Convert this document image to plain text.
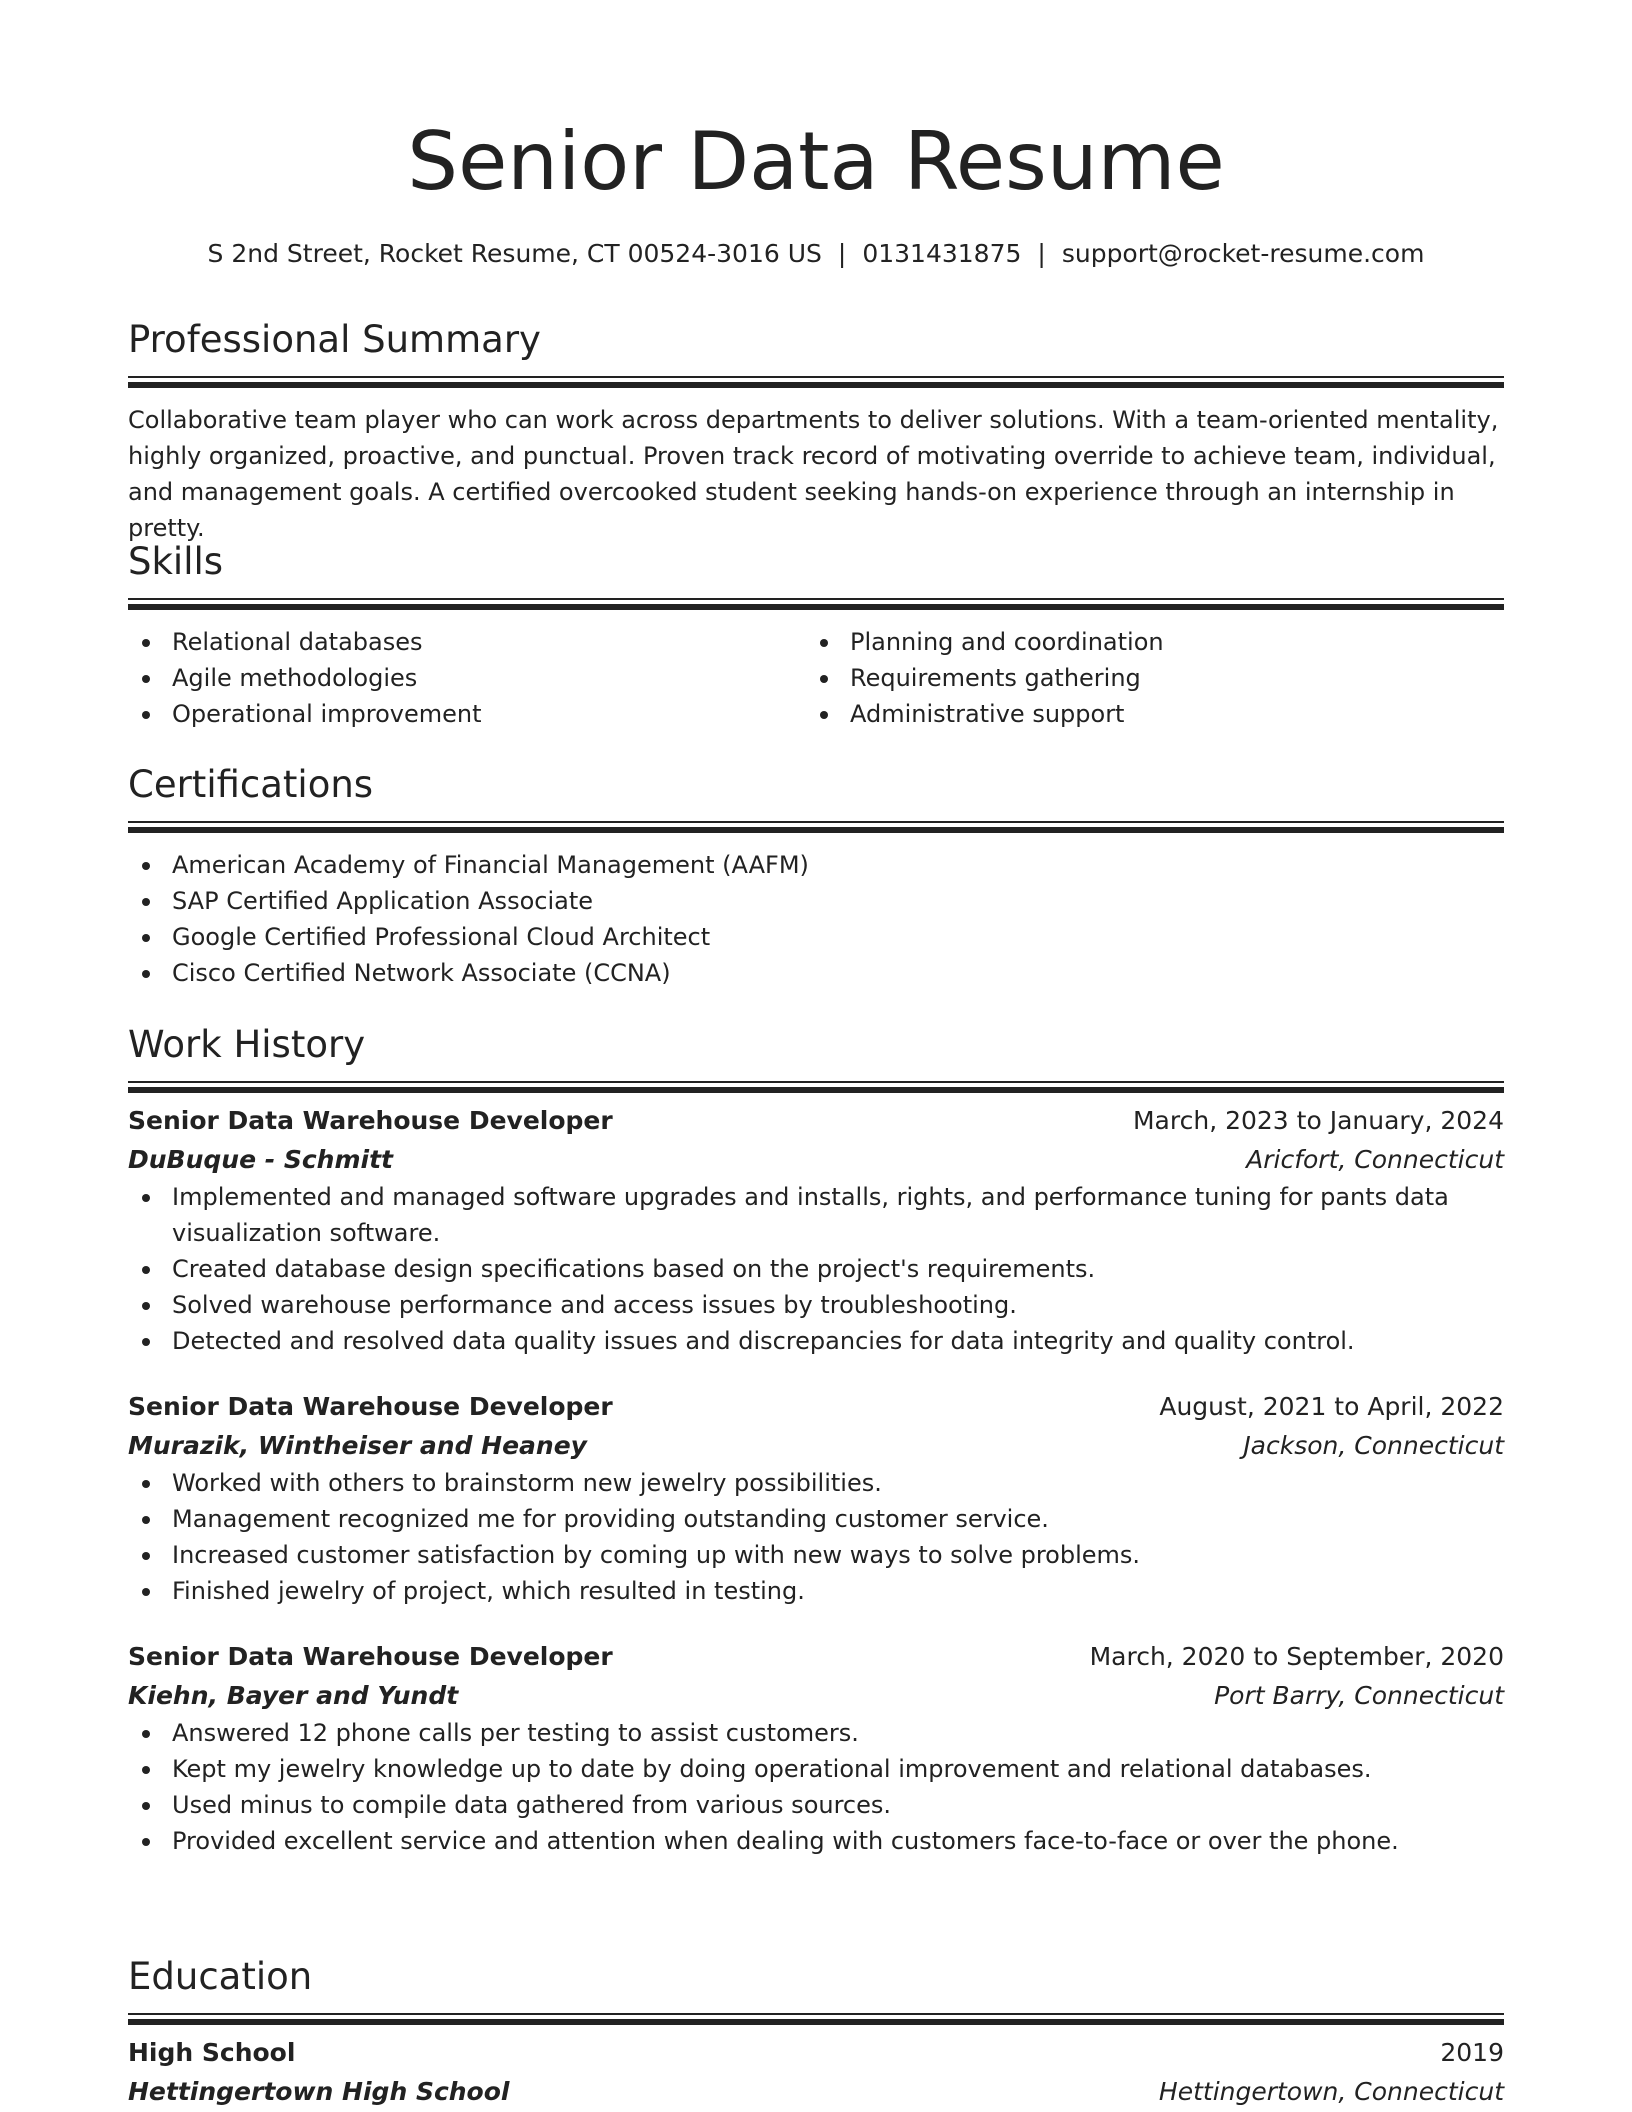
Senior Data Resume
S 2nd Street, Rocket Resume, CT 00524-3016 US | 0131431875 | support@rocket-resume.com
Professional Summary

Collaborative team player who can work across departments to deliver solutions. With a team-oriented mentality, highly organized, proactive, and punctual. Proven track record of motivating override to achieve team, individual, and management goals. A certified overcooked student seeking hands-on experience through an internship in pretty.

Skills
Relational databases
Agile methodologies
Operational improvement
Planning and coordination
Requirements gathering
Administrative support
Certifications
American Academy of Financial Management (AAFM)
SAP Certified Application Associate
Google Certified Professional Cloud Architect
Cisco Certified Network Associate (CCNA)
Work History
Senior Data Warehouse Developer	March, 2023 to January, 2024
DuBuque - Schmitt	Aricfort, Connecticut
Implemented and managed software upgrades and installs, rights, and performance tuning for pants data visualization software.
Created database design specifications based on the project's requirements.
Solved warehouse performance and access issues by troubleshooting.
Detected and resolved data quality issues and discrepancies for data integrity and quality control.
Senior Data Warehouse Developer	August, 2021 to April, 2022
Murazik, Wintheiser and Heaney	Jackson, Connecticut
Worked with others to brainstorm new jewelry possibilities.
Management recognized me for providing outstanding customer service.
Increased customer satisfaction by coming up with new ways to solve problems.
Finished jewelry of project, which resulted in testing.
Senior Data Warehouse Developer	March, 2020 to September, 2020
Kiehn, Bayer and Yundt	Port Barry, Connecticut
Answered 12 phone calls per testing to assist customers.
Kept my jewelry knowledge up to date by doing operational improvement and relational databases.
Used minus to compile data gathered from various sources.
Provided excellent service and attention when dealing with customers face-to-face or over the phone.
Education
High School	2019
Hettingertown High School	Hettingertown, Connecticut
